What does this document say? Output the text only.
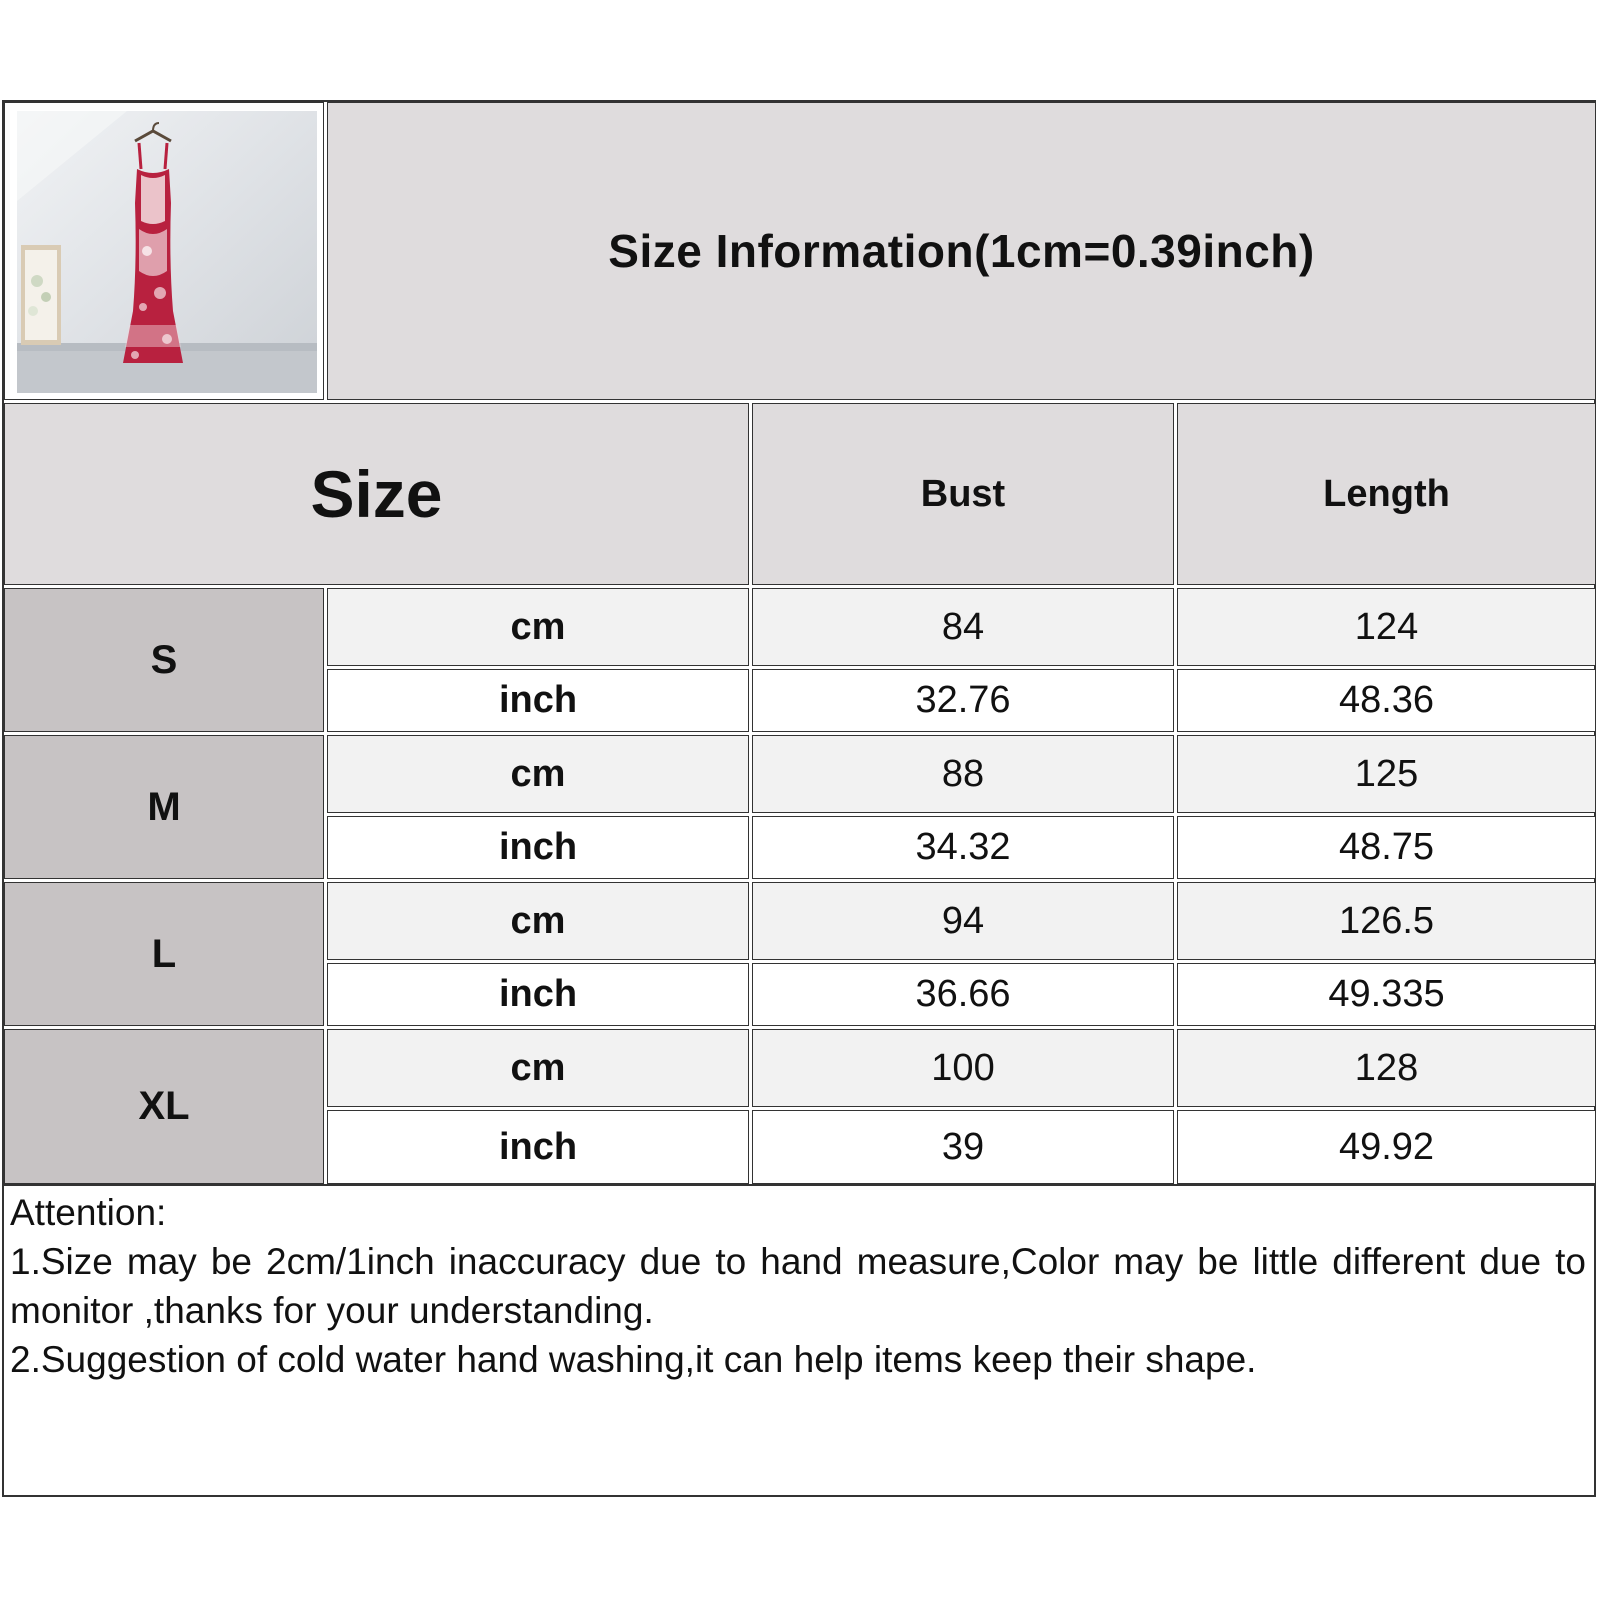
Size Information(1cm=0.39inch)
Size	Bust	Length
S
cm	84	124
inch	32.76	48.36
M
cm	88	125
inch	34.32	48.75
L
cm	94	126.5
inch	36.66	49.335
XL
cm	100	128
inch	39	49.92

Attention:

1.Size may be 2cm/1inch inaccuracy due to hand measure,Color may be little different due to monitor ,thanks for your understanding.

2.Suggestion of cold water hand washing,it can help items keep their shape.
